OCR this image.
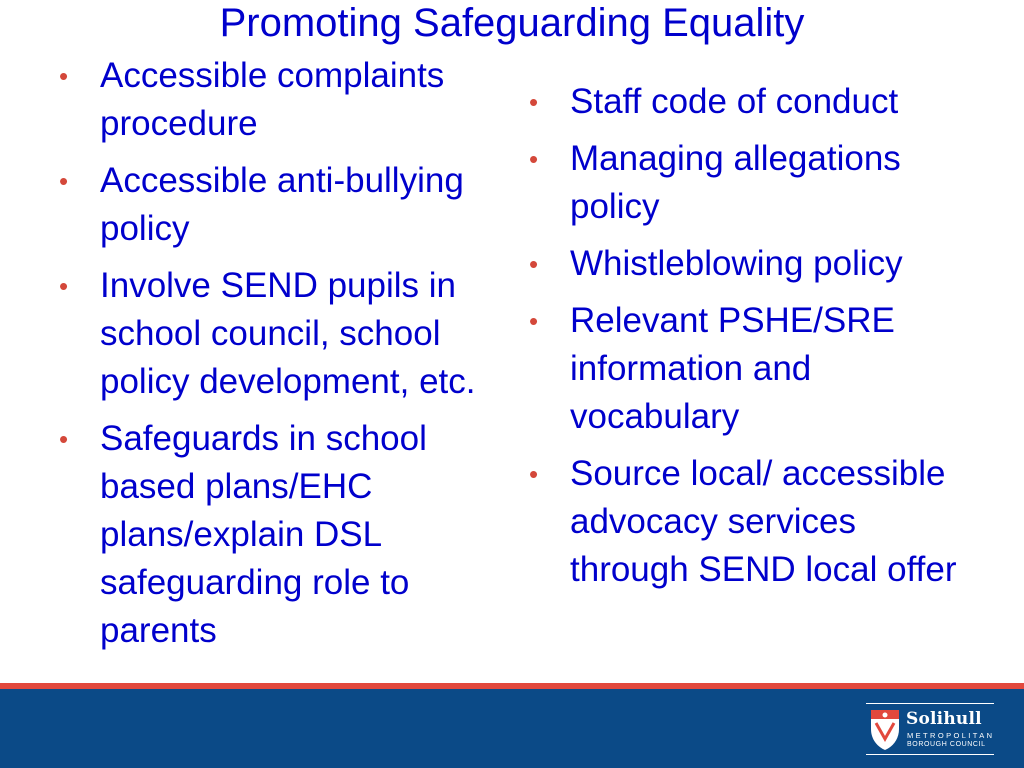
Promoting Safeguarding Equality
• Accessible complaints procedure
• Accessible anti-bullying policy
• Involve SEND pupils in school council, school policy development, etc.
• Safeguards in school based plans/EHC plans/explain DSL safeguarding role to parents
• Staff code of conduct
• Managing allegations policy
• Whistleblowing policy
• Relevant PSHE/SRE information and vocabulary
• Source local/ accessible advocacy services through SEND local offer
Solihull
METROPOLITAN
BOROUGH COUNCIL
